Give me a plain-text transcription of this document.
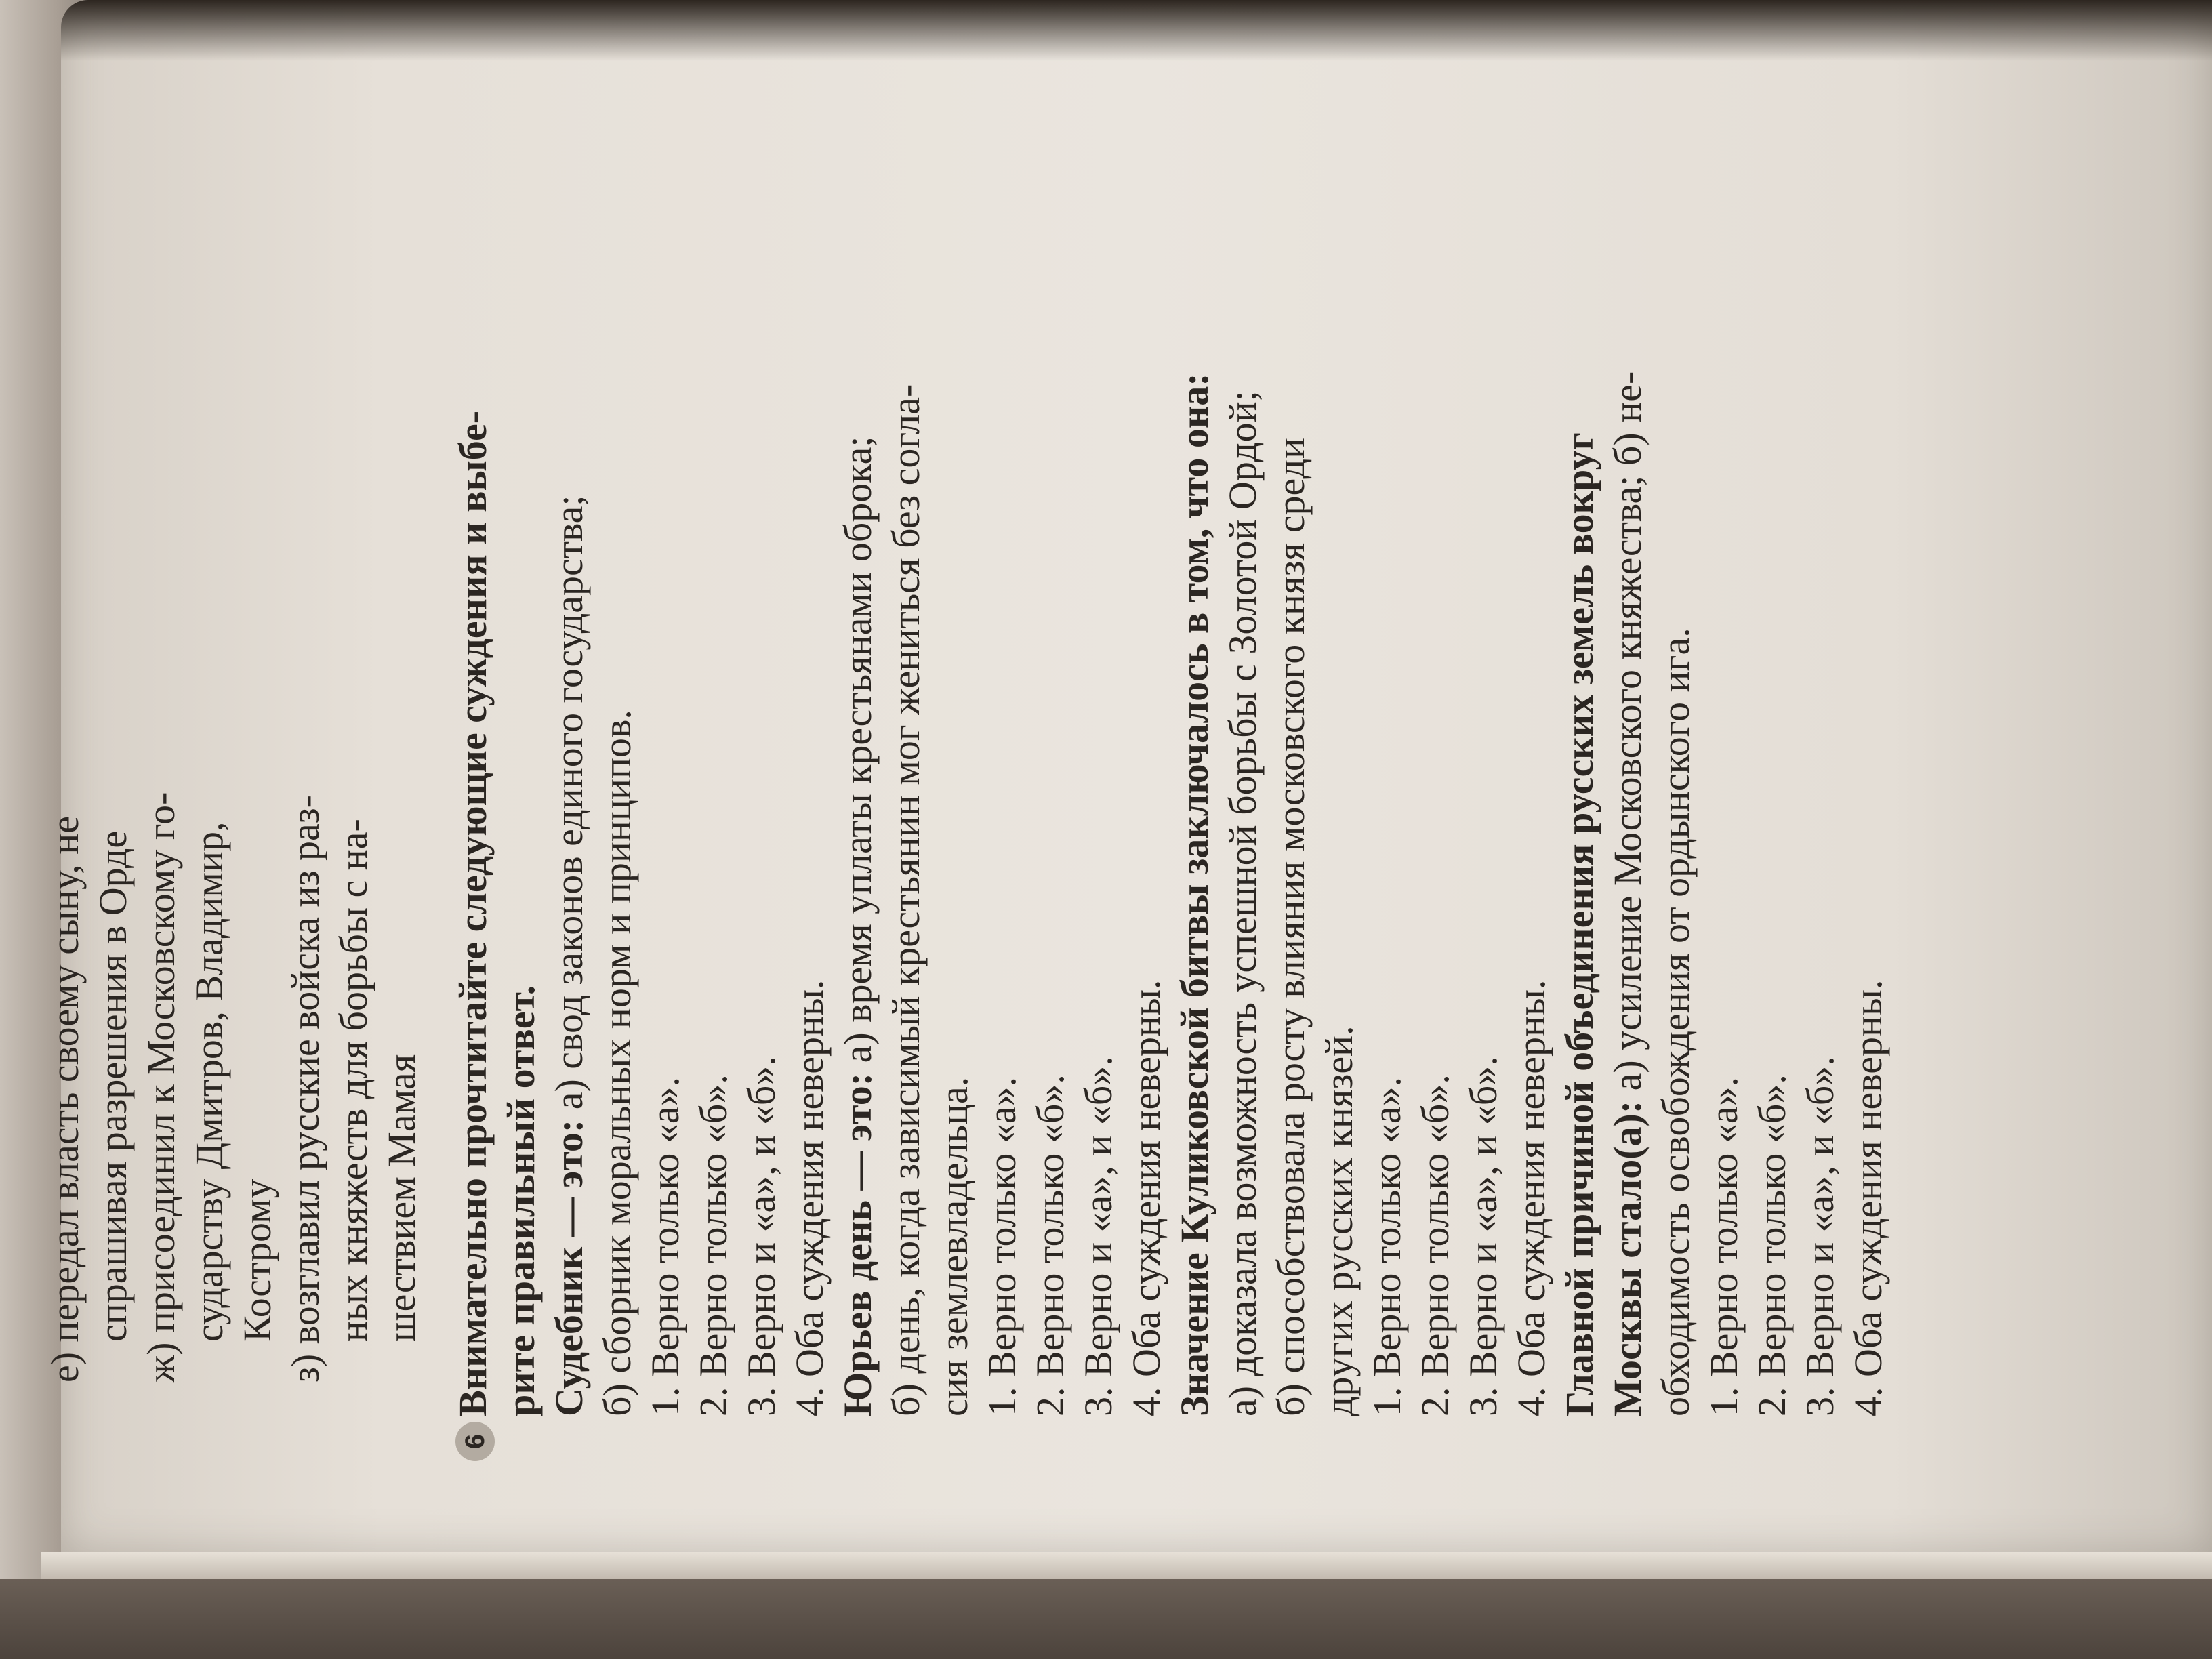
е) передал власть своему сыну, не спрашивая разрешения в Орде
ж) присоединил к Московскому го- сударству Дмитров, Владимир, Кострому
з) возглавил русские войска из раз- ных княжеств для борьбы с на- шествием Мамая
6
Внимательно прочтитайте следующие суждения и выбе- рите правильный ответ. Судебник — это: а) свод законов единого государства; б) сборник моральных норм и принципов. 1. Верно только «а». 2. Верно только «б». 3. Верно и «а», и «б». 4. Оба суждения неверны. Юрьев день — это: а) время уплаты крестьянами оброка; б) день, когда зависимый крестьянин мог жениться без согла- сия землевладельца. 1. Верно только «а». 2. Верно только «б». 3. Верно и «а», и «б». 4. Оба суждения неверны. Значение Куликовской битвы заключалось в том, что она: а) доказала возможность успешной борьбы с Золотой Ордой; б) способствовала росту влияния московского князя среди других русских князей. 1. Верно только «а». 2. Верно только «б». 3. Верно и «а», и «б». 4. Оба суждения неверны. Главной причиной объединения русских земель вокруг Москвы стало(а): а) усиление Московского княжества; б) не- обходимость освобождения от ордынского ига. 1. Верно только «а». 2. Верно только «б». 3. Верно и «а», и «б». 4. Оба суждения неверны.
